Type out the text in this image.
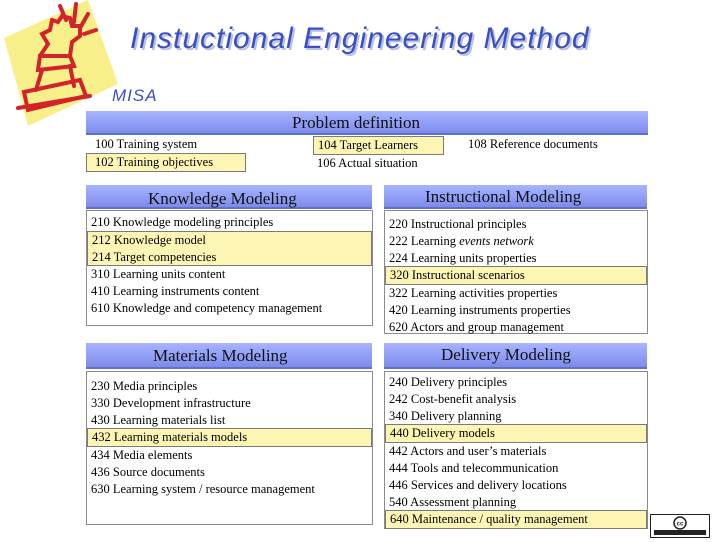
Instuctional Engineering Method
MISA
Problem definition
100 Training system
102 Training objectives
104 Target Learners
106 Actual situation
108 Reference documents
Knowledge Modeling
210 Knowledge modeling principles
212 Knowledge model
214 Target competencies
310 Learning units content
410 Learning instruments content
610 Knowledge and competency management
Instructional Modeling
220 Instructional principles
222 Learning events network
224 Learning units properties
320 Instructional scenarios
322 Learning activities properties
420 Learning instruments properties
620 Actors and group management
Materials Modeling
230 Media principles
330 Development infrastructure
430 Learning materials list
432 Learning materials models
434 Media elements
436 Source documents
630 Learning system / resource management
Delivery Modeling
240 Delivery principles
242 Cost-benefit analysis
340 Delivery planning
440 Delivery models
442 Actors and user’s materials
444 Tools and telecommunication
446 Services and delivery locations
540 Assessment planning
640 Maintenance / quality management	cc
